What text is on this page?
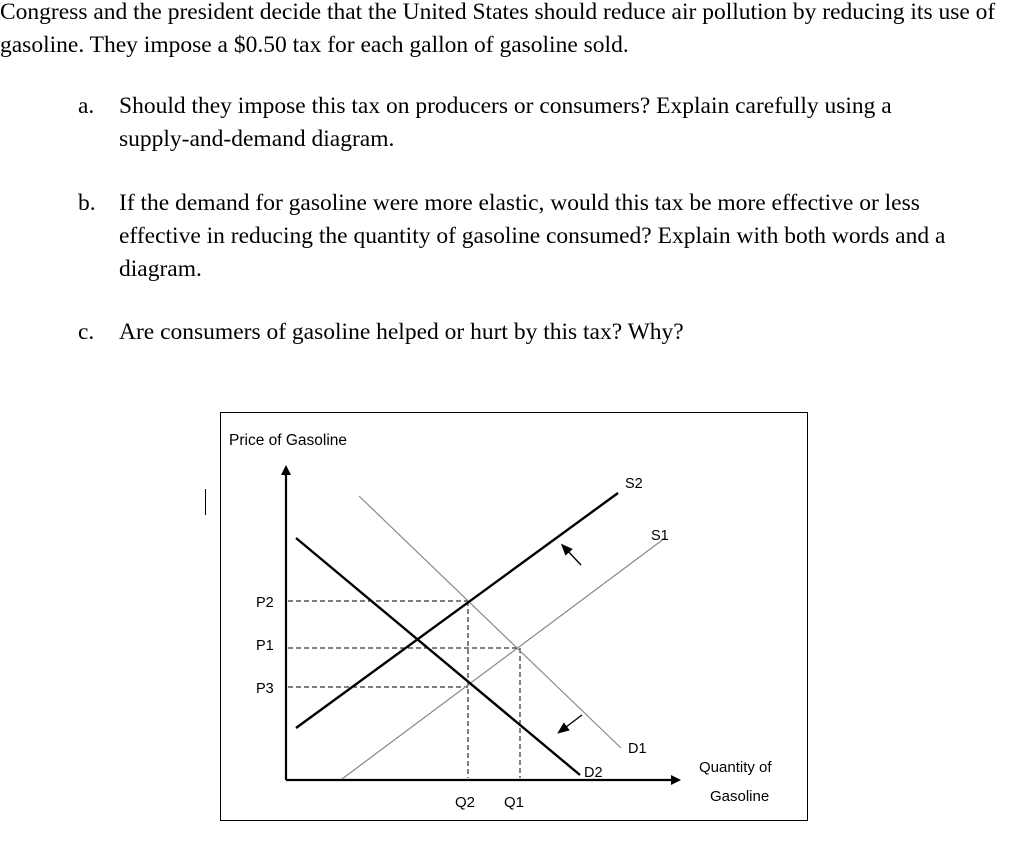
Congress and the president decide that the United States should reduce air pollution by reducing its use of gasoline. They impose a $0.50 tax for each gallon of gasoline sold.

a. Should they impose this tax on producers or consumers? Explain carefully using a supply-and-demand diagram.
b. If the demand for gasoline were more elastic, would this tax be more effective or less effective in reducing the quantity of gasoline consumed? Explain with both words and a diagram.
c. Are consumers of gasoline helped or hurt by this tax? Why?
Price of Gasoline
P2
P1
P3
Q2 Q1
S2
S1
D1
D2	Quantity of
Gasoline
